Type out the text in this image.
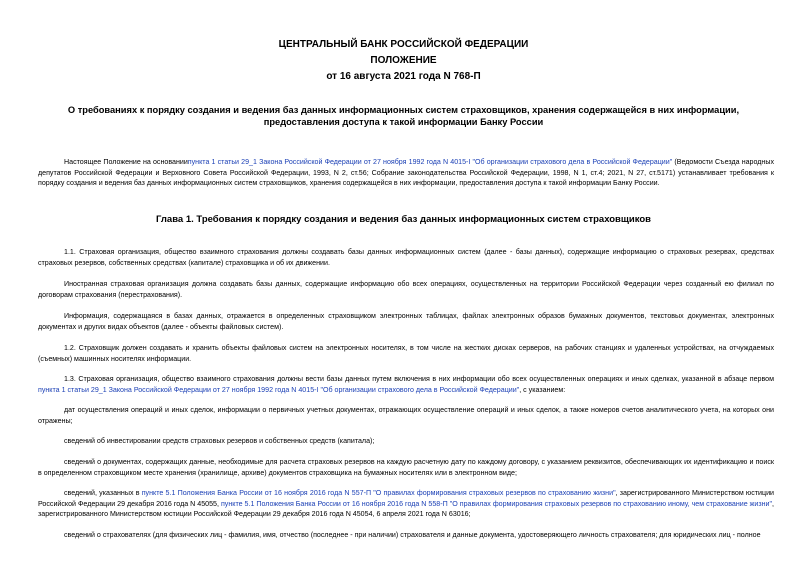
ЦЕНТРАЛЬНЫЙ БАНК РОССИЙСКОЙ ФЕДЕРАЦИИ

ПОЛОЖЕНИЕ

от 16 августа 2021 года N 768-П

О требованиях к порядку создания и ведения баз данных информационных систем страховщиков, хранения содержащейся в них информации, предоставления доступа к такой информации Банку России

Настоящее Положение на основаниипункта 1 статьи 29_1 Закона Российской Федерации от 27 ноября 1992 года N 4015-I "Об организации страхового дела в Российской Федерации" (Ведомости Съезда народных депутатов Российской Федерации и Верховного Совета Российской Федерации, 1993, N 2, ст.56; Собрание законодательства Российской Федерации, 1998, N 1, ст.4; 2021, N 27, ст.5171) устанавливает требования к порядку создания и ведения баз данных информационных систем страховщиков, хранения содержащейся в них информации, предоставления доступа к такой информации Банку России.

Глава 1. Требования к порядку создания и ведения баз данных информационных систем страховщиков

1.1. Страховая организация, общество взаимного страхования должны создавать базы данных информационных систем (далее - базы данных), содержащие информацию о страховых резервах, средствах страховых резервов, собственных средствах (капитале) страховщика и об их движении.

Иностранная страховая организация должна создавать базы данных, содержащие информацию обо всех операциях, осуществленных на территории Российской Федерации через созданный ею филиал по договорам страхования (перестрахования).

Информация, содержащаяся в базах данных, отражается в определенных страховщиком электронных таблицах, файлах электронных образов бумажных документов, текстовых документах, электронных документах и других видах объектов (далее - объекты файловых систем).

1.2. Страховщик должен создавать и хранить объекты файловых систем на электронных носителях, в том числе на жестких дисках серверов, на рабочих станциях и удаленных устройствах, на отчуждаемых (съемных) машинных носителях информации.

1.3. Страховая организация, общество взаимного страхования должны вести базы данных путем включения в них информации обо всех осуществленных операциях и иных сделках, указанной в абзаце первом пункта 1 статьи 29_1 Закона Российской Федерации от 27 ноября 1992 года N 4015-I "Об организации страхового дела в Российской Федерации", с указанием:

дат осуществления операций и иных сделок, информации о первичных учетных документах, отражающих осуществление операций и иных сделок, а также номеров счетов аналитического учета, на которых они отражены;

сведений об инвестировании средств страховых резервов и собственных средств (капитала);

сведений о документах, содержащих данные, необходимые для расчета страховых резервов на каждую расчетную дату по каждому договору, с указанием реквизитов, обеспечивающих их идентификацию и поиск в определенном страховщиком месте хранения (хранилище, архиве) документов страховщика на бумажных носителях или в электронном виде;

сведений, указанных в пункте 5.1 Положения Банка России от 16 ноября 2016 года N 557-П "О правилах формирования страховых резервов по страхованию жизни", зарегистрированного Министерством юстиции Российской Федерации 29 декабря 2016 года N 45055, пункте 5.1 Положения Банка России от 16 ноября 2016 года N 558-П "О правилах формирования страховых резервов по страхованию иному, чем страхование жизни", зарегистрированного Министерством юстиции Российской Федерации 29 декабря 2016 года N 45054, 6 апреля 2021 года N 63016;

сведений о страхователях (для физических лиц - фамилия, имя, отчество (последнее - при наличии) страхователя и данные документа, удостоверяющего личность страхователя; для юридических лиц - полное
